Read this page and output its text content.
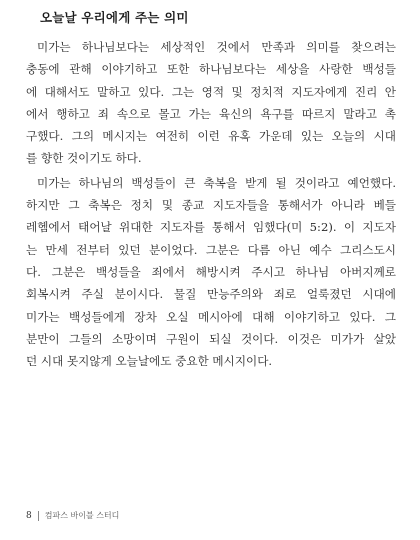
오늘날 우리에게 주는 의미
미가는 하나님보다는 세상적인 것에서 만족과 의미를 찾으려는
충동에 관해 이야기하고 또한 하나님보다는 세상을 사랑한 백성들
에 대해서도 말하고 있다. 그는 영적 및 정치적 지도자에게 진리 안
에서 행하고 죄 속으로 몰고 가는 육신의 욕구를 따르지 말라고 촉
구했다. 그의 메시지는 여전히 이런 유혹 가운데 있는 오늘의 시대
를 향한 것이기도 하다.
미가는 하나님의 백성들이 큰 축복을 받게 될 것이라고 예언했다.
하지만 그 축복은 정치 및 종교 지도자들을 통해서가 아니라 베들
레헴에서 태어날 위대한 지도자를 통해서 임했다(미 5:2). 이 지도자
는 만세 전부터 있던 분이었다. 그분은 다름 아닌 예수 그리스도시
다. 그분은 백성들을 죄에서 해방시켜 주시고 하나님 아버지께로
회복시켜 주실 분이시다. 물질 만능주의와 죄로 얼룩졌던 시대에
미가는 백성들에게 장차 오실 메시아에 대해 이야기하고 있다. 그
분만이 그들의 소망이며 구원이 되실 것이다. 이것은 미가가 살았
던 시대 못지않게 오늘날에도 중요한 메시지이다.
8 컴파스 바이블 스터디
